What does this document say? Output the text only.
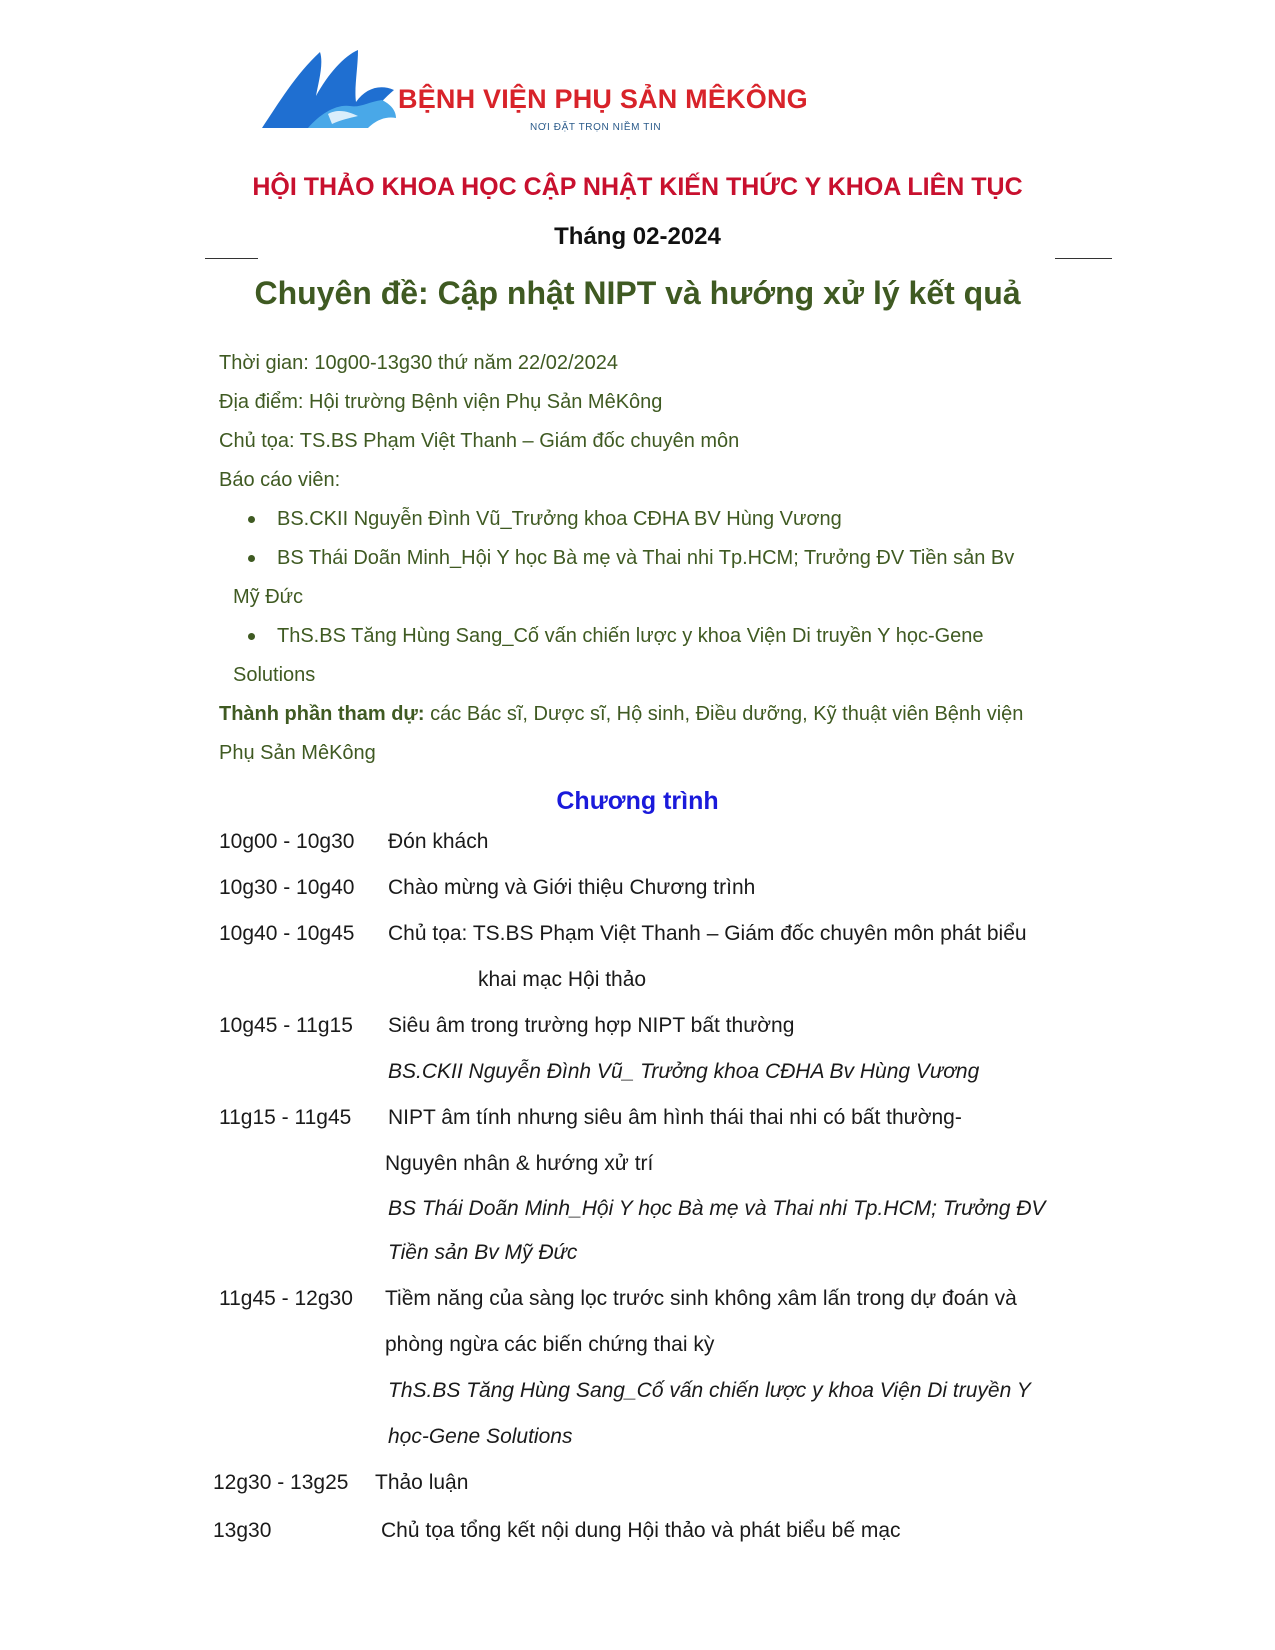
BỆNH VIỆN PHỤ SẢN MÊKÔNG
NƠI ĐẶT TRỌN NIỀM TIN
HỘI THẢO KHOA HỌC CẬP NHẬT KIẾN THỨC Y KHOA LIÊN TỤC
Tháng 02-2024
Chuyên đề: Cập nhật NIPT và hướng xử lý kết quả
Thời gian: 10g00-13g30 thứ năm 22/02/2024
Địa điểm: Hội trường Bệnh viện Phụ Sản MêKông
Chủ tọa: TS.BS Phạm Việt Thanh – Giám đốc chuyên môn
Báo cáo viên:
BS.CKII Nguyễn Đình Vũ_Trưởng khoa CĐHA BV Hùng Vương
BS Thái Doãn Minh_Hội Y học Bà mẹ và Thai nhi Tp.HCM; Trưởng ĐV Tiền sản Bv
Mỹ Đức
ThS.BS Tăng Hùng Sang_Cố vấn chiến lược y khoa Viện Di truyền Y học-Gene
Solutions
Thành phần tham dự: các Bác sĩ, Dược sĩ, Hộ sinh, Điều dưỡng, Kỹ thuật viên Bệnh viện
Phụ Sản MêKông
Chương trình
10g00 - 10g30 Đón khách
10g30 - 10g40 Chào mừng và Giới thiệu Chương trình
10g40 - 10g45 Chủ tọa: TS.BS Phạm Việt Thanh – Giám đốc chuyên môn phát biểu
khai mạc Hội thảo
10g45 - 11g15 Siêu âm trong trường hợp NIPT bất thường
BS.CKII Nguyễn Đình Vũ_ Trưởng khoa CĐHA Bv Hùng Vương
11g15 - 11g45 NIPT âm tính nhưng siêu âm hình thái thai nhi có bất thường-
Nguyên nhân & hướng xử trí
BS Thái Doãn Minh_Hội Y học Bà mẹ và Thai nhi Tp.HCM; Trưởng ĐV
Tiền sản Bv Mỹ Đức
11g45 - 12g30 Tiềm năng của sàng lọc trước sinh không xâm lấn trong dự đoán và
phòng ngừa các biến chứng thai kỳ
ThS.BS Tăng Hùng Sang_Cố vấn chiến lược y khoa Viện Di truyền Y
học-Gene Solutions
12g30 - 13g25 Thảo luận
13g30	Chủ tọa tổng kết nội dung Hội thảo và phát biểu bế mạc
